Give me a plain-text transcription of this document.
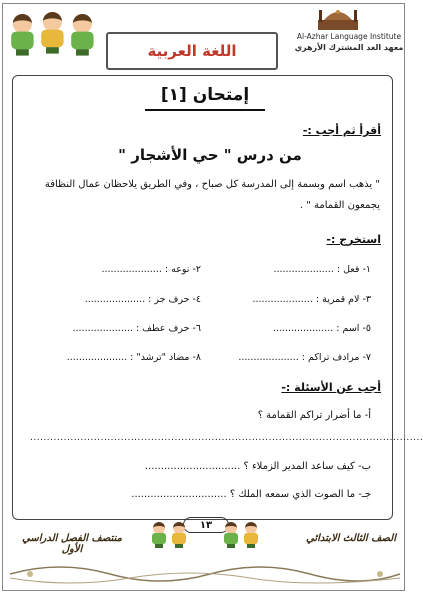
اللغة العربية
Al-Azhar Language Institute
معهد الغد المشترك الأزهري
إمتحان [١]
أقرأ ثم أجب :-
من درس " حي الأشجار "
" يذهب اسم وبسمة إلى المدرسة كل صباح ، وفي الطريق يلاحظان عمال النظافة يجمعون القمامة " .
استخرج :-
١- فعل : ....................
٢- نوعه : ....................
٣- لام قمرية : ....................
٤- حرف جر : ....................
٥- اسم : ....................
٦- حرف عطف : ....................
٧- مرادف تراكم : ....................
٨- مضاد "ترشد" : ....................
أجب عن الأسئلة :-
أ- ما أضرار تراكم القمامة ؟
.....................................................................................................................
ب- كيف ساعد المدير الزملاء ؟ ..............................
جـ- ما الصوت الذي سمعه الملك ؟ ..............................
١٣
منتصف الفصل الدراسي الأول
الصف الثالث الابتدائي
